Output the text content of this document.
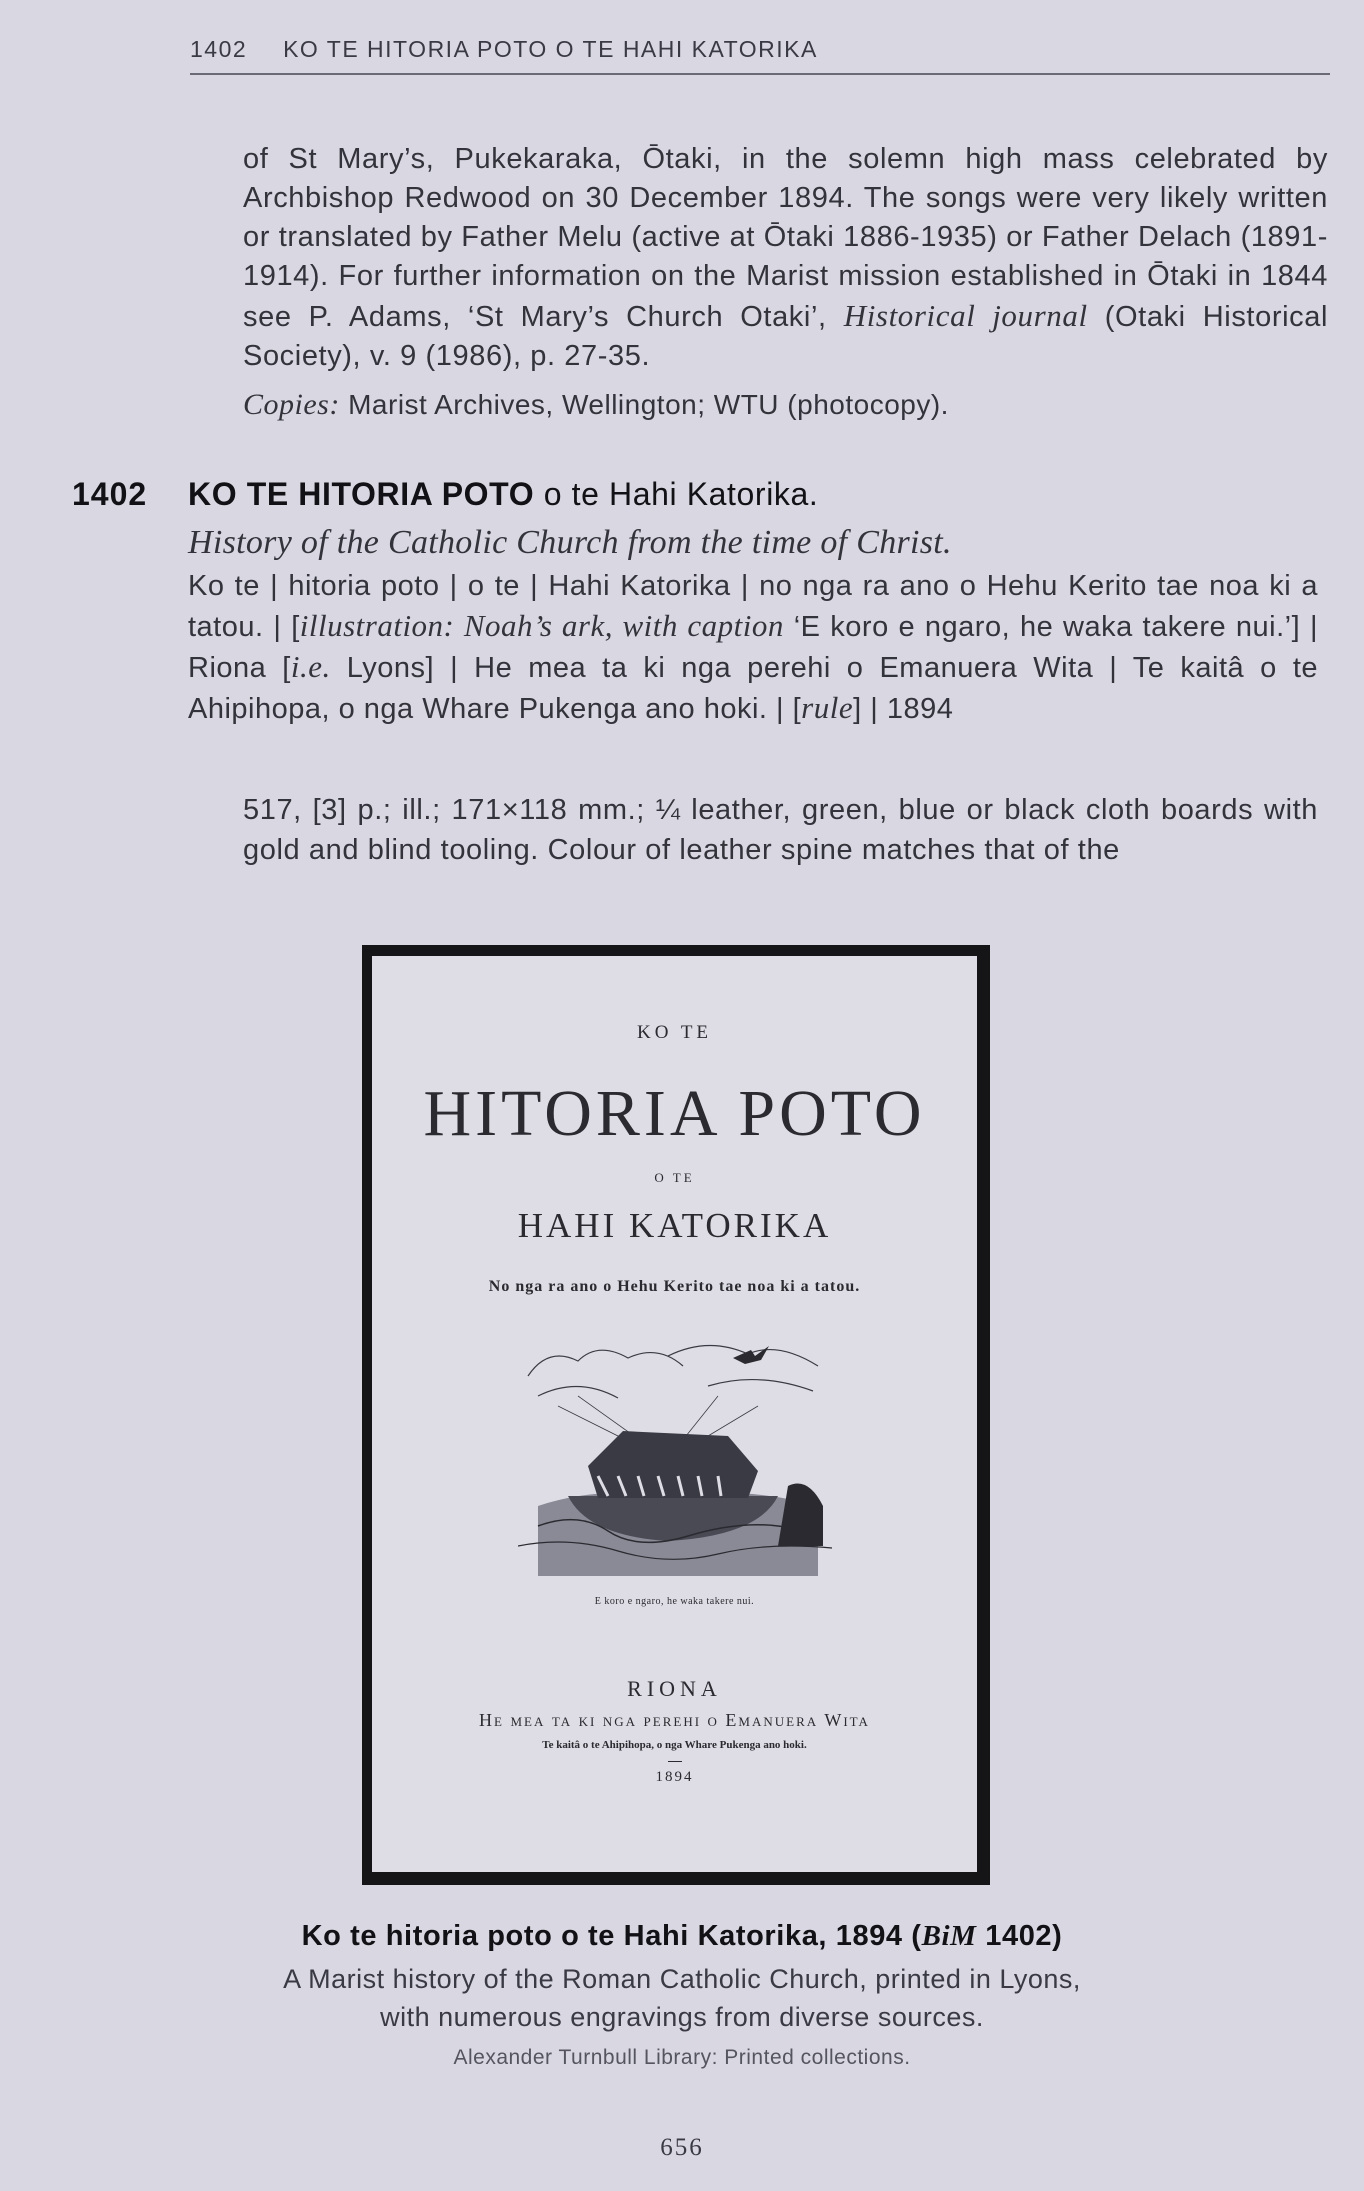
1402 KO TE HITORIA POTO O TE HAHI KATORIKA
of St Mary’s, Pukekaraka, Ōtaki, in the solemn high mass celebrated by Archbishop Redwood on 30 December 1894. The songs were very likely written or translated by Father Melu (active at Ōtaki 1886-1935) or Father Delach (1891-1914). For further information on the Marist mission established in Ōtaki in 1844 see P. Adams, ‘St Mary’s Church Otaki’, Historical journal (Otaki Historical Society), v. 9 (1986), p. 27-35.
Copies: Marist Archives, Wellington; WTU (photocopy).
1402 KO TE HITORIA POTO o te Hahi Katorika.
History of the Catholic Church from the time of Christ.
Ko te | hitoria poto | o te | Hahi Katorika | no nga ra ano o Hehu Kerito tae noa ki a tatou. | [illustration: Noah’s ark, with caption ‘E koro e ngaro, he waka takere nui.’] | Riona [i.e. Lyons] | He mea ta ki nga perehi o Emanuera Wita | Te kaitâ o te Ahipihopa, o nga Whare Pukenga ano hoki. | [rule] | 1894
517, [3] p.; ill.; 171×118 mm.; ¼ leather, green, blue or black cloth boards with gold and blind tooling. Colour of leather spine matches that of the
KO TE
HITORIA POTO
O TE
HAHI KATORIKA
No nga ra ano o Hehu Kerito tae noa ki a tatou.
E koro e ngaro, he waka takere nui.
RIONA
He mea ta ki nga perehi o Emanuera Wita
Te kaitâ o te Ahipihopa, o nga Whare Pukenga ano hoki.
1894
Ko te hitoria poto o te Hahi Katorika, 1894 (BiM 1402)
A Marist history of the Roman Catholic Church, printed in Lyons,
with numerous engravings from diverse sources.
Alexander Turnbull Library: Printed collections.
656
